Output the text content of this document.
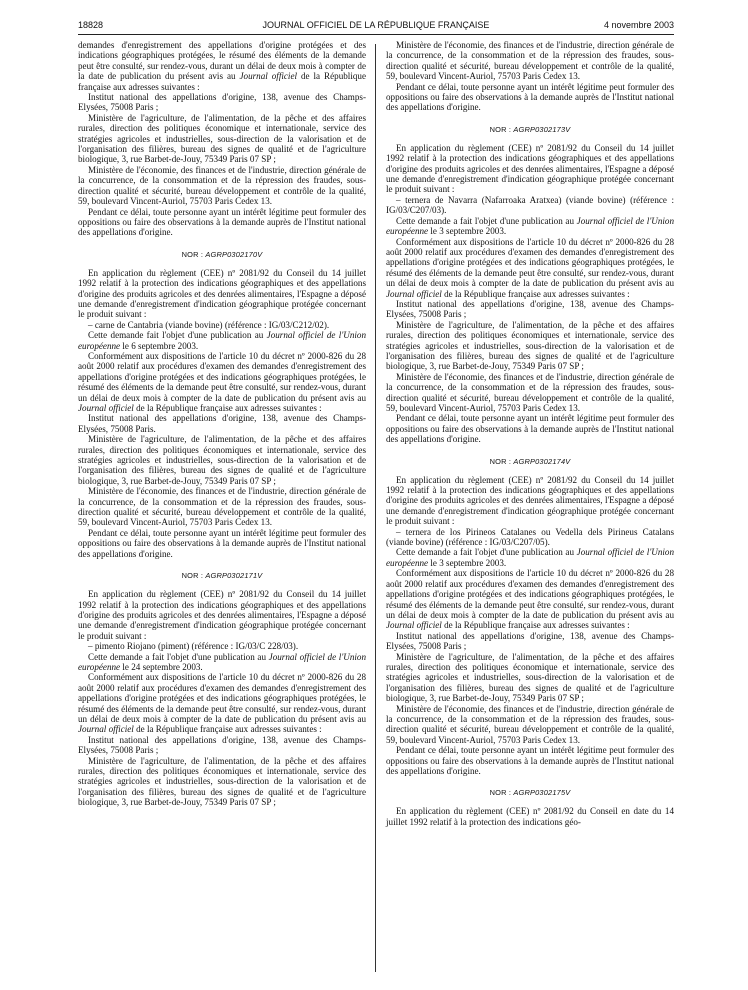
18828	JOURNAL OFFICIEL DE LA RÉPUBLIQUE FRANÇAISE	4 novembre 2003

demandes d'enregistrement des appellations d'origine protégées et des indications géographiques protégées, le résumé des éléments de la demande peut être consulté, sur rendez-vous, durant un délai de deux mois à compter de la date de publication du présent avis au Journal officiel de la République française aux adresses suivantes :

Institut national des appellations d'origine, 138, avenue des Champs-Elysées, 75008 Paris ;

Ministère de l'agriculture, de l'alimentation, de la pêche et des affaires rurales, direction des politiques économique et internationale, service des stratégies agricoles et industrielles, sous-direction de la valorisation et de l'organisation des filières, bureau des signes de qualité et de l'agriculture biologique, 3, rue Barbet-de-Jouy, 75349 Paris 07 SP ;

Ministère de l'économie, des finances et de l'industrie, direction générale de la concurrence, de la consommation et de la répression des fraudes, sous-direction qualité et sécurité, bureau développement et contrôle de la qualité, 59, boulevard Vincent-Auriol, 75703 Paris Cedex 13.

Pendant ce délai, toute personne ayant un intérêt légitime peut formuler des oppositions ou faire des observations à la demande auprès de l'Institut national des appellations d'origine.

NOR : AGRP0302170V

En application du règlement (CEE) nº 2081/92 du Conseil du 14 juillet 1992 relatif à la protection des indications géographiques et des appellations d'origine des produits agricoles et des denrées alimentaires, l'Espagne a déposé une demande d'enregistrement d'indication géographique protégée concernant le produit suivant :

– carne de Cantabria (viande bovine) (référence : IG/03/C212/02).

Cette demande fait l'objet d'une publication au Journal officiel de l'Union européenne le 6 septembre 2003.

Conformément aux dispositions de l'article 10 du décret nº 2000-826 du 28 août 2000 relatif aux procédures d'examen des demandes d'enregistrement des appellations d'origine protégées et des indications géographiques protégées, le résumé des éléments de la demande peut être consulté, sur rendez-vous, durant un délai de deux mois à compter de la date de publication du présent avis au Journal officiel de la République française aux adresses suivantes :

Institut national des appellations d'origine, 138, avenue des Champs-Elysées, 75008 Paris.

Ministère de l'agriculture, de l'alimentation, de la pêche et des affaires rurales, direction des politiques économiques et internationale, service des stratégies agricoles et industrielles, sous-direction de la valorisation et de l'organisation des filières, bureau des signes de qualité et de l'agriculture biologique, 3, rue Barbet-de-Jouy, 75349 Paris 07 SP ;

Ministère de l'économie, des finances et de l'industrie, direction générale de la concurrence, de la consommation et de la répression des fraudes, sous-direction qualité et sécurité, bureau développement et contrôle de la qualité, 59, boulevard Vincent-Auriol, 75703 Paris Cedex 13.

Pendant ce délai, toute personne ayant un intérêt légitime peut formuler des oppositions ou faire des observations à la demande auprès de l'Institut national des appellations d'origine.

NOR : AGRP0302171V

En application du règlement (CEE) nº 2081/92 du Conseil du 14 juillet 1992 relatif à la protection des indications géographiques et des appellations d'origine des produits agricoles et des denrées alimentaires, l'Espagne a déposé une demande d'enregistrement d'indication géographique protégée concernant le produit suivant :

– pimento Riojano (piment) (référence : IG/03/C 228/03).

Cette demande a fait l'objet d'une publication au Journal officiel de l'Union européenne le 24 septembre 2003.

Conformément aux dispositions de l'article 10 du décret nº 2000-826 du 28 août 2000 relatif aux procédures d'examen des demandes d'enregistrement des appellations d'origine protégées et des indications géographiques protégées, le résumé des éléments de la demande peut être consulté, sur rendez-vous, durant un délai de deux mois à compter de la date de publication du présent avis au Journal officiel de la République française aux adresses suivantes :

Institut national des appellations d'origine, 138, avenue des Champs-Elysées, 75008 Paris ;

Ministère de l'agriculture, de l'alimentation, de la pêche et des affaires rurales, direction des politiques économiques et internationale, service des stratégies agricoles et industrielles, sous-direction de la valorisation et de l'organisation des filières, bureau des signes de qualité et de l'agriculture biologique, 3, rue Barbet-de-Jouy, 75349 Paris 07 SP ;

Ministère de l'économie, des finances et de l'industrie, direction générale de la concurrence, de la consommation et de la répression des fraudes, sous-direction qualité et sécurité, bureau développement et contrôle de la qualité, 59, boulevard Vincent-Auriol, 75703 Paris Cedex 13.

Pendant ce délai, toute personne ayant un intérêt légitime peut formuler des oppositions ou faire des observations à la demande auprès de l'Institut national des appellations d'origine.

NOR : AGRP0302173V

En application du règlement (CEE) nº 2081/92 du Conseil du 14 juillet 1992 relatif à la protection des indications géographiques et des appellations d'origine des produits agricoles et des denrées alimentaires, l'Espagne a déposé une demande d'enregistrement d'indication géographique protégée concernant le produit suivant :

– ternera de Navarra (Nafarroaka Aratxea) (viande bovine) (référence : IG/03/C207/03).

Cette demande a fait l'objet d'une publication au Journal officiel de l'Union européenne le 3 septembre 2003.

Conformément aux dispositions de l'article 10 du décret nº 2000-826 du 28 août 2000 relatif aux procédures d'examen des demandes d'enregistrement des appellations d'origine protégées et des indications géographiques protégées, le résumé des éléments de la demande peut être consulté, sur rendez-vous, durant un délai de deux mois à compter de la date de publication du présent avis au Journal officiel de la République française aux adresses suivantes :

Institut national des appellations d'origine, 138, avenue des Champs-Elysées, 75008 Paris ;

Ministère de l'agriculture, de l'alimentation, de la pêche et des affaires rurales, direction des politiques économiques et internationale, service des stratégies agricoles et industrielles, sous-direction de la valorisation et de l'organisation des filières, bureau des signes de qualité et de l'agriculture biologique, 3, rue Barbet-de-Jouy, 75349 Paris 07 SP ;

Ministère de l'économie, des finances et de l'industrie, direction générale de la concurrence, de la consommation et de la répression des fraudes, sous-direction qualité et sécurité, bureau développement et contrôle de la qualité, 59, boulevard Vincent-Auriol, 75703 Paris Cedex 13.

Pendant ce délai, toute personne ayant un intérêt légitime peut formuler des oppositions ou faire des observations à la demande auprès de l'Institut national des appellations d'origine.

NOR : AGRP0302174V

En application du règlement (CEE) nº 2081/92 du Conseil du 14 juillet 1992 relatif à la protection des indications géographiques et des appellations d'origine des produits agricoles et des denrées alimentaires, l'Espagne a déposé une demande d'enregistrement d'indication géographique protégée concernant le produit suivant :

– ternera de los Pirineos Catalanes ou Vedella dels Pirineus Catalans (viande bovine) (référence : IG/03/C207/05).

Cette demande a fait l'objet d'une publication au Journal officiel de l'Union européenne le 3 septembre 2003.

Conformément aux dispositions de l'article 10 du décret nº 2000-826 du 28 août 2000 relatif aux procédures d'examen des demandes d'enregistrement des appellations d'origine protégées et des indications géographiques protégées, le résumé des éléments de la demande peut être consulté, sur rendez-vous, durant un délai de deux mois à compter de la date de publication du présent avis au Journal officiel de la République française aux adresses suivantes :

Institut national des appellations d'origine, 138, avenue des Champs-Elysées, 75008 Paris ;

Ministère de l'agriculture, de l'alimentation, de la pêche et des affaires rurales, direction des politiques économique et internationale, service des stratégies agricoles et industrielles, sous-direction de la valorisation et de l'organisation des filières, bureau des signes de qualité et de l'agriculture biologique, 3, rue Barbet-de-Jouy, 75349 Paris 07 SP ;

Ministère de l'économie, des finances et de l'industrie, direction générale de la concurrence, de la consommation et de la répression des fraudes, sous-direction qualité et sécurité, bureau développement et contrôle de la qualité, 59, boulevard Vincent-Auriol, 75703 Paris Cedex 13.

Pendant ce délai, toute personne ayant un intérêt légitime peut formuler des oppositions ou faire des observations à la demande auprès de l'Institut national des appellations d'origine.

NOR : AGRP0302175V

En application du règlement (CEE) nº 2081/92 du Conseil en date du 14 juillet 1992 relatif à la protection des indications géo-
